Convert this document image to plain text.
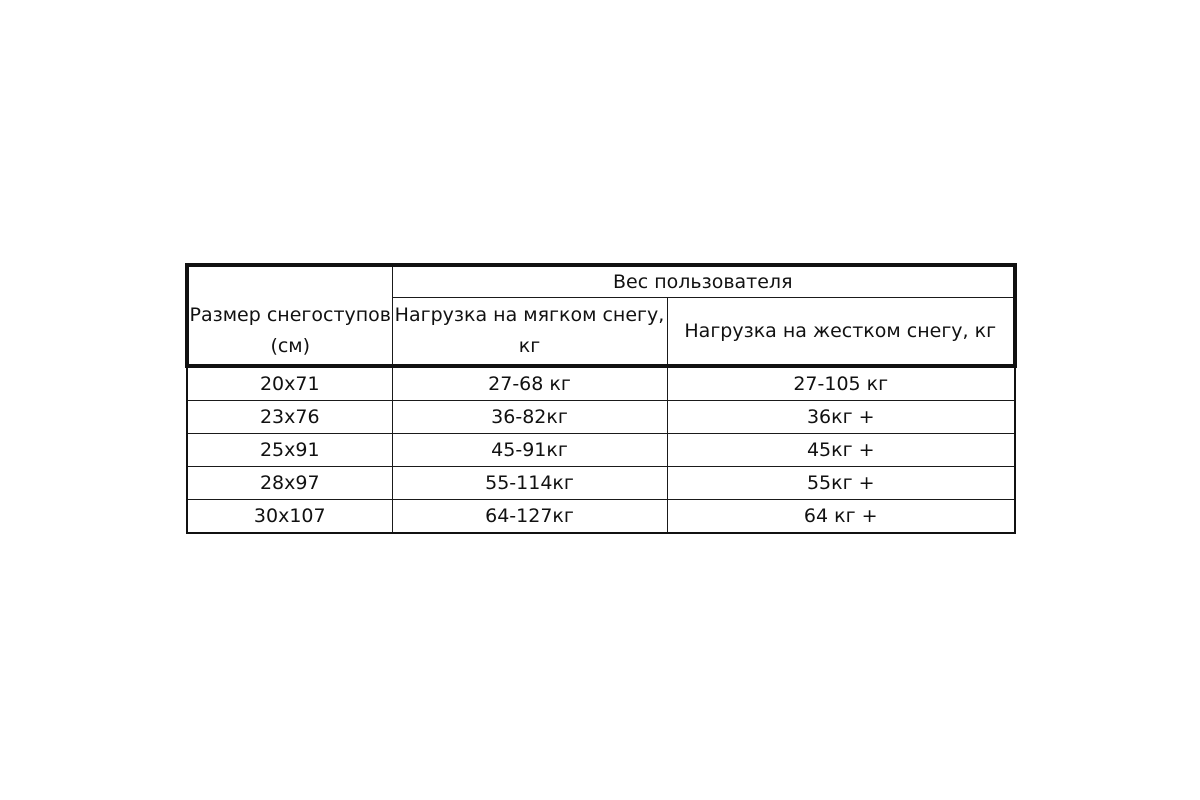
Размер снегоступов (см)	Вес пользователя	
	Нагрузка на мягком снегу, кг	Нагрузка на жестком снегу, кг
20x71	27-68 кг	27-105 кг
23x76	36-82кг	36кг +
25x91	45-91кг	45кг +
28x97	55-114кг	55кг +
30x107	64-127кг	64 кг +
